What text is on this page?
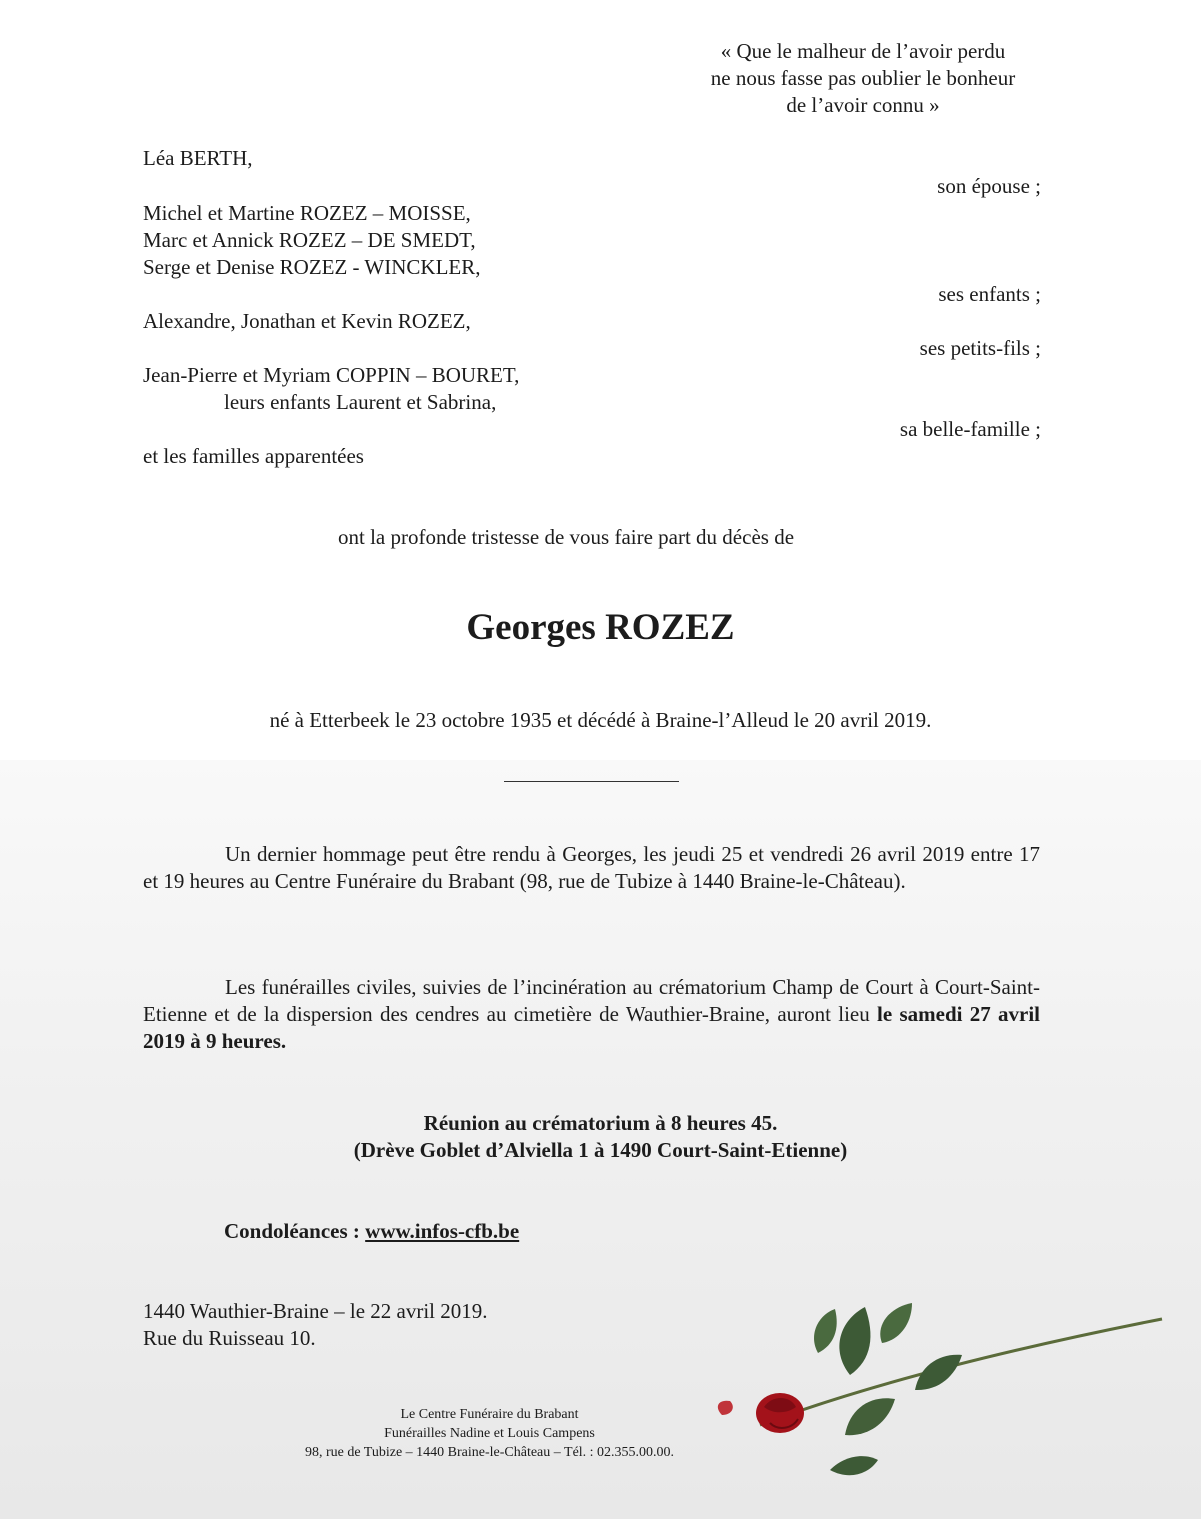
« Que le malheur de l’avoir perdu
ne nous fasse pas oublier le bonheur
de l’avoir connu »
Léa BERTH,
son épouse ;
Michel et Martine ROZEZ – MOISSE,
Marc et Annick ROZEZ – DE SMEDT,
Serge et Denise ROZEZ - WINCKLER,
ses enfants ;
Alexandre, Jonathan et Kevin ROZEZ,
ses petits-fils ;
Jean-Pierre et Myriam COPPIN – BOURET,
leurs enfants Laurent et Sabrina,
sa belle-famille ;
et les familles apparentées
ont la profonde tristesse de vous faire part du décès de
Georges ROZEZ
né à Etterbeek le 23 octobre 1935 et décédé à Braine-l’Alleud le 20 avril 2019.
Un dernier hommage peut être rendu à Georges, les jeudi 25 et vendredi 26 avril 2019 entre 17 et 19 heures au Centre Funéraire du Brabant (98, rue de Tubize à 1440 Braine-le-Château).
Les funérailles civiles, suivies de l’incinération au crématorium Champ de Court à Court-Saint-Etienne et de la dispersion des cendres au cimetière de Wauthier-Braine, auront lieu le samedi 27 avril 2019 à 9 heures.
Réunion au crématorium à 8 heures 45.
(Drève Goblet d’Alviella 1 à 1490 Court-Saint-Etienne)
Condoléances : www.infos-cfb.be
1440 Wauthier-Braine – le 22 avril 2019.
Rue du Ruisseau 10.
Le Centre Funéraire du Brabant
Funérailles Nadine et Louis Campens
98, rue de Tubize – 1440 Braine-le-Château – Tél. : 02.355.00.00.
